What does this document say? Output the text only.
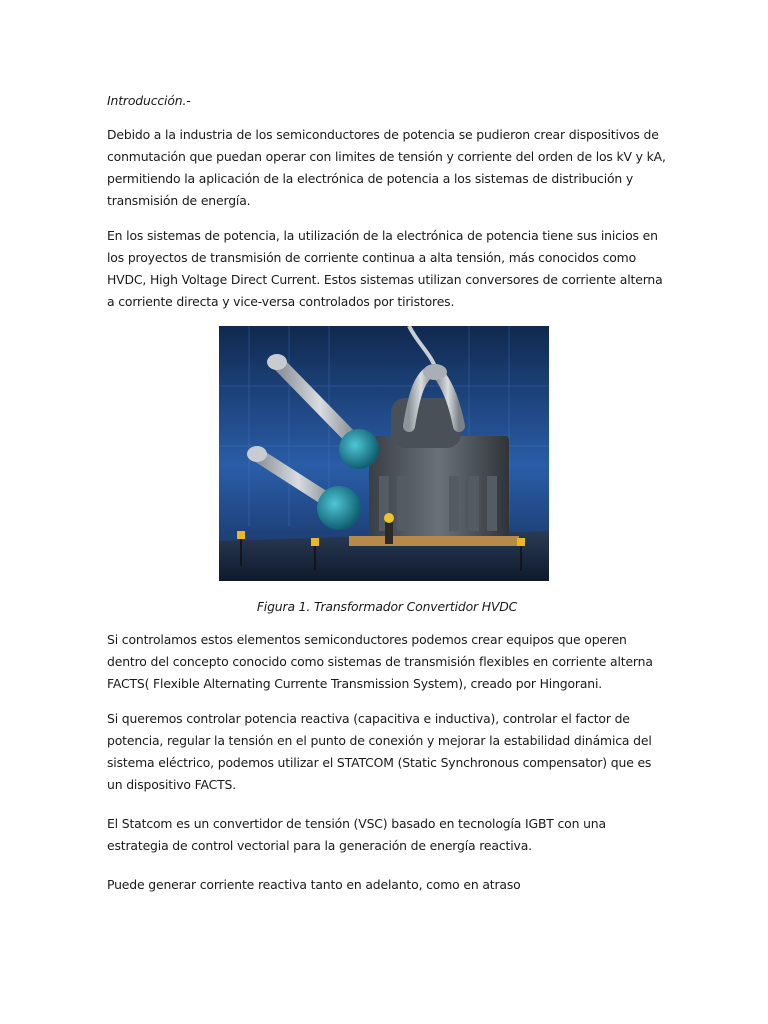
Introducción.-

Debido a la industria de los semiconductores de potencia se pudieron crear dispositivos de conmutación que puedan operar con limites de tensión y corriente del orden de los kV y kA, permitiendo la aplicación de la electrónica de potencia a los sistemas de distribución y transmisión de energía.

En los sistemas de potencia, la utilización de la electrónica de potencia tiene sus inicios en los proyectos de transmisión de corriente continua a alta tensión, más conocidos como HVDC, High Voltage Direct Current. Estos sistemas utilizan conversores de corriente alterna a corriente directa y vice-versa controlados por tiristores.

Figura 1. Transformador Convertidor HVDC

Si controlamos estos elementos semiconductores podemos crear equipos que operen dentro del concepto conocido como sistemas de transmisión flexibles en corriente alterna FACTS( Flexible Alternating Currente Transmission System), creado por Hingorani.

Si queremos controlar potencia reactiva (capacitiva e inductiva), controlar el factor de potencia, regular la tensión en el punto de conexión y mejorar la estabilidad dinámica del sistema eléctrico, podemos utilizar el STATCOM (Static Synchronous compensator) que es un dispositivo FACTS.

El Statcom es un convertidor de tensión (VSC) basado en tecnología IGBT con una estrategia de control vectorial para la generación de energía reactiva.

Puede generar corriente reactiva tanto en adelanto, como en atraso
